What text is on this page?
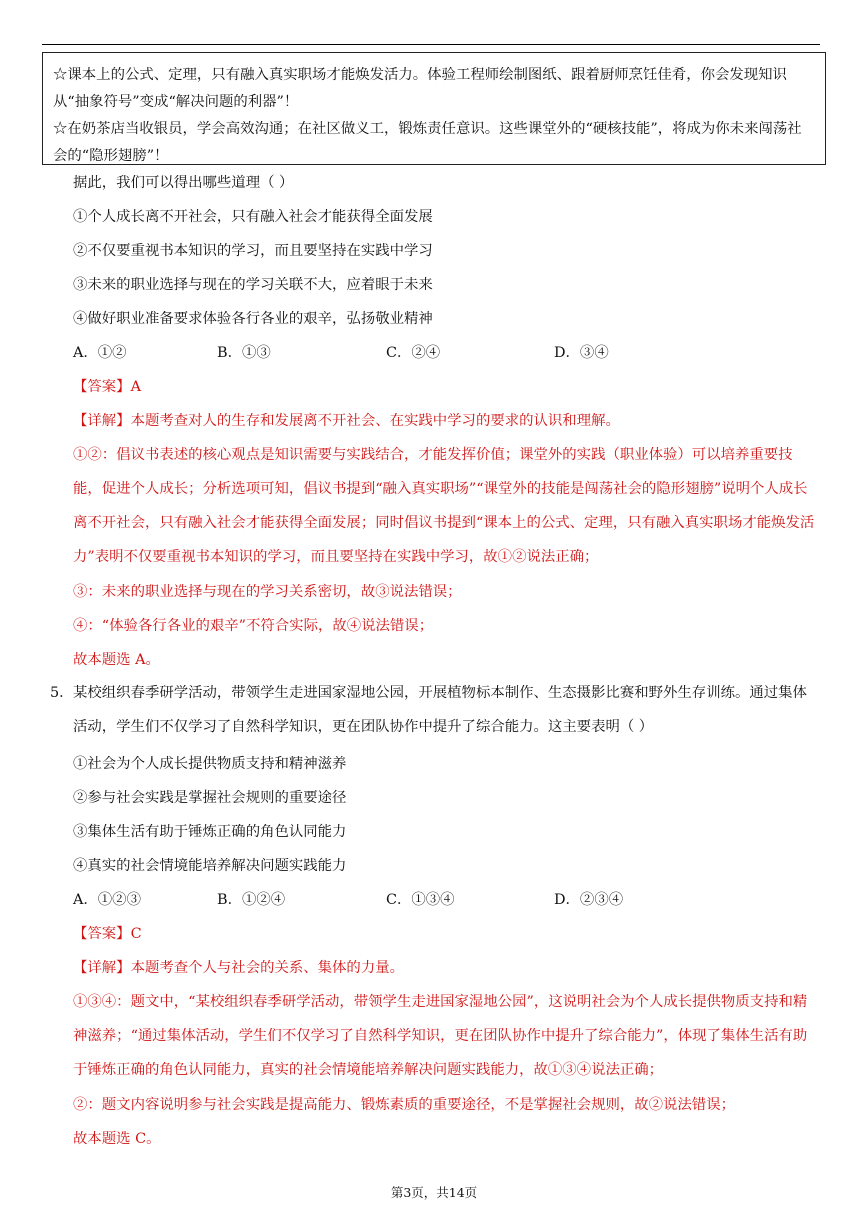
☆课本上的公式、定理，只有融入真实职场才能焕发活力。体验工程师绘制图纸、跟着厨师烹饪佳肴，你会发现知识从“抽象符号”变成“解决问题的利器”！

☆在奶茶店当收银员，学会高效沟通；在社区做义工，锻炼责任意识。这些课堂外的“硬核技能”，将成为你未来闯荡社会的“隐形翅膀”！

据此，我们可以得出哪些道理（ ）
①个人成长离不开社会，只有融入社会才能获得全面发展
②不仅要重视书本知识的学习，而且要坚持在实践中学习
③未来的职业选择与现在的学习关联不大，应着眼于未来
④做好职业准备要求体验各行各业的艰辛，弘扬敬业精神
A．①②	B．①③	C．②④	D．③④
【答案】A
【详解】本题考查对人的生存和发展离不开社会、在实践中学习的要求的认识和理解。
①②：倡议书表述的核心观点是知识需要与实践结合，才能发挥价值；课堂外的实践（职业体验）可以培养重要技能，促进个人成长；分析选项可知，倡议书提到“融入真实职场”“课堂外的技能是闯荡社会的隐形翅膀”说明个人成长离不开社会，只有融入社会才能获得全面发展；同时倡议书提到“课本上的公式、定理，只有融入真实职场才能焕发活力”表明不仅要重视书本知识的学习，而且要坚持在实践中学习，故①②说法正确；
③：未来的职业选择与现在的学习关系密切，故③说法错误；
④：“体验各行各业的艰辛”不符合实际，故④说法错误；
故本题选 A。
5． 某校组织春季研学活动，带领学生走进国家湿地公园，开展植物标本制作、生态摄影比赛和野外生存训练。通过集体活动，学生们不仅学习了自然科学知识，更在团队协作中提升了综合能力。这主要表明（ ）
①社会为个人成长提供物质支持和精神滋养
②参与社会实践是掌握社会规则的重要途径
③集体生活有助于锤炼正确的角色认同能力
④真实的社会情境能培养解决问题实践能力
A．①②③	B．①②④	C．①③④	D．②③④
【答案】C
【详解】本题考查个人与社会的关系、集体的力量。
①③④：题文中，“某校组织春季研学活动，带领学生走进国家湿地公园”，这说明社会为个人成长提供物质支持和精神滋养；“通过集体活动，学生们不仅学习了自然科学知识，更在团队协作中提升了综合能力”，体现了集体生活有助于锤炼正确的角色认同能力，真实的社会情境能培养解决问题实践能力，故①③④说法正确；
②：题文内容说明参与社会实践是提高能力、锻炼素质的重要途径，不是掌握社会规则，故②说法错误；
故本题选 C。
第3页，共14页
